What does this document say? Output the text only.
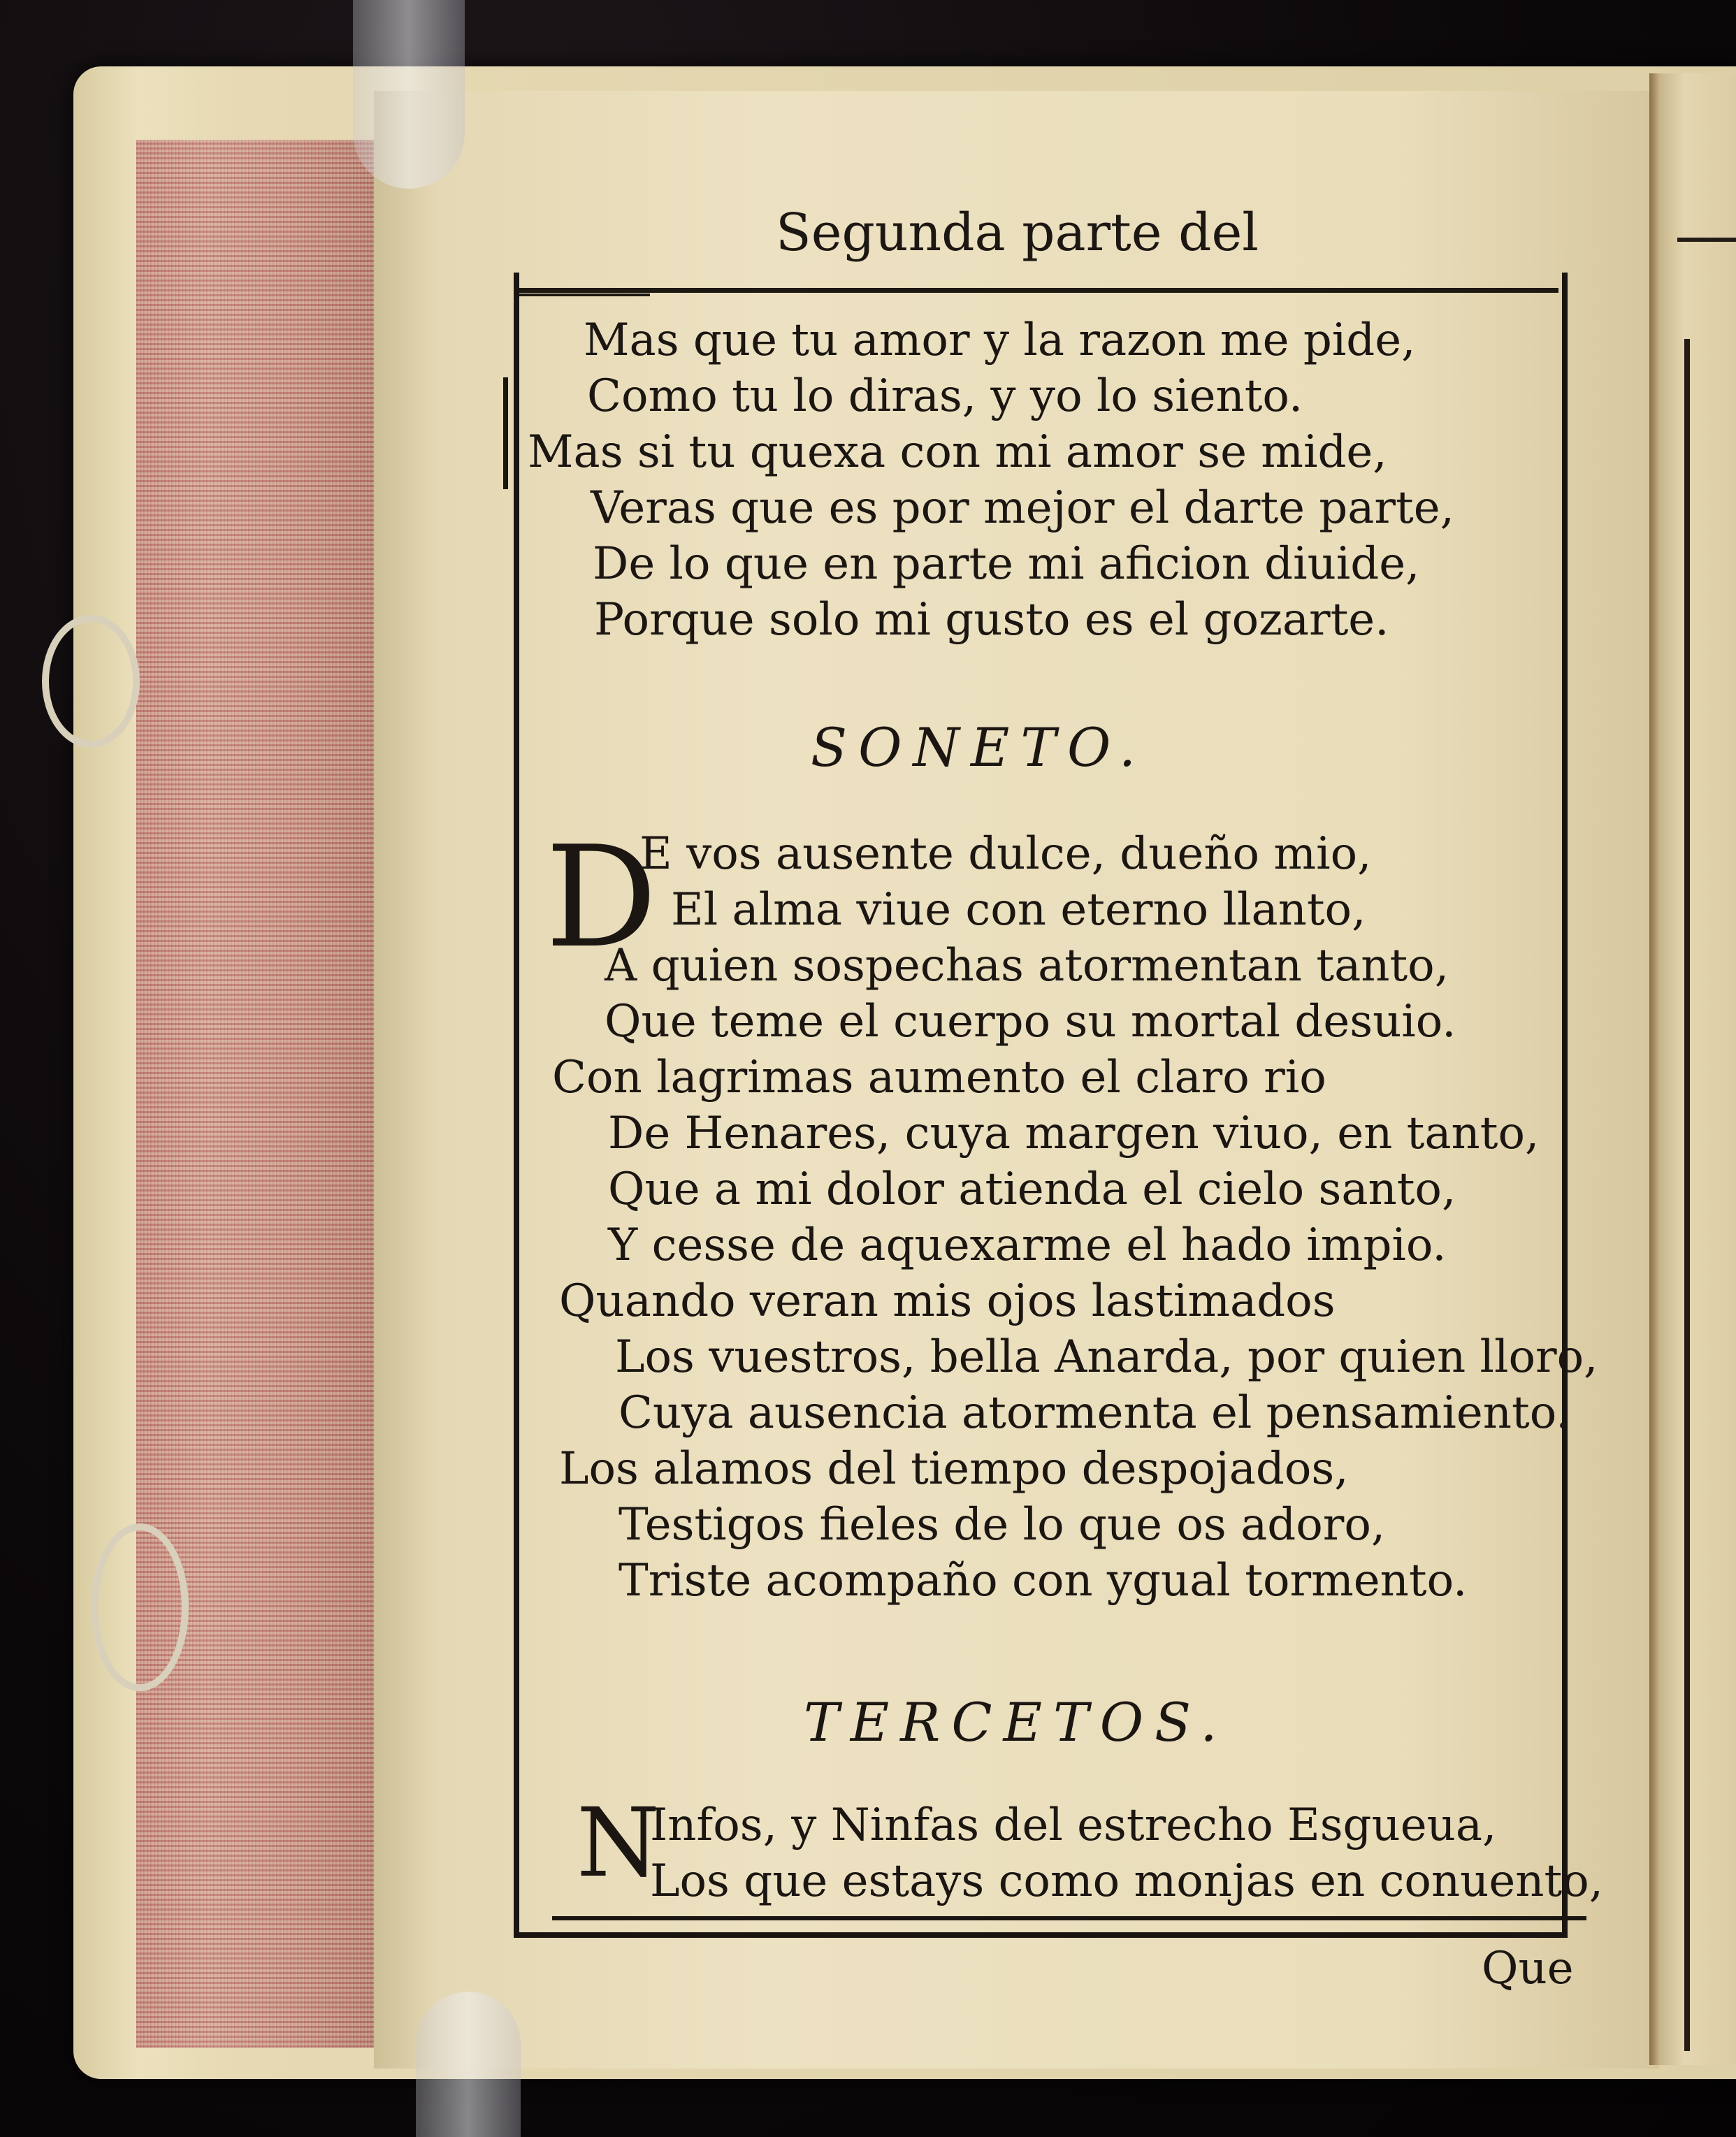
Segunda parte del
Mas que tu amor y la razon me pide,
Como tu lo diras, y yo lo siento.
Mas si tu quexa con mi amor se mide,
Veras que es por mejor el darte parte,
De lo que en parte mi aficion diuide,
Porque solo mi gusto es el gozarte.
SONETO.
D
E vos ausente dulce, dueño mio,
El alma viue con eterno llanto,
A quien sospechas atormentan tanto,
Que teme el cuerpo su mortal desuio.
Con lagrimas aumento el claro rio
De Henares, cuya margen viuo, en tanto,
Que a mi dolor atienda el cielo santo,
Y cesse de aquexarme el hado impio.
Quando veran mis ojos lastimados
Los vuestros, bella Anarda, por quien lloro,
Cuya ausencia atormenta el pensamiento.
Los alamos del tiempo despojados,
Testigos fieles de lo que os adoro,
Triste acompaño con ygual tormento.
TERCETOS.
N
Infos, y Ninfas del estrecho Esgueua,
Los que estays como monjas en conuento,
Que
